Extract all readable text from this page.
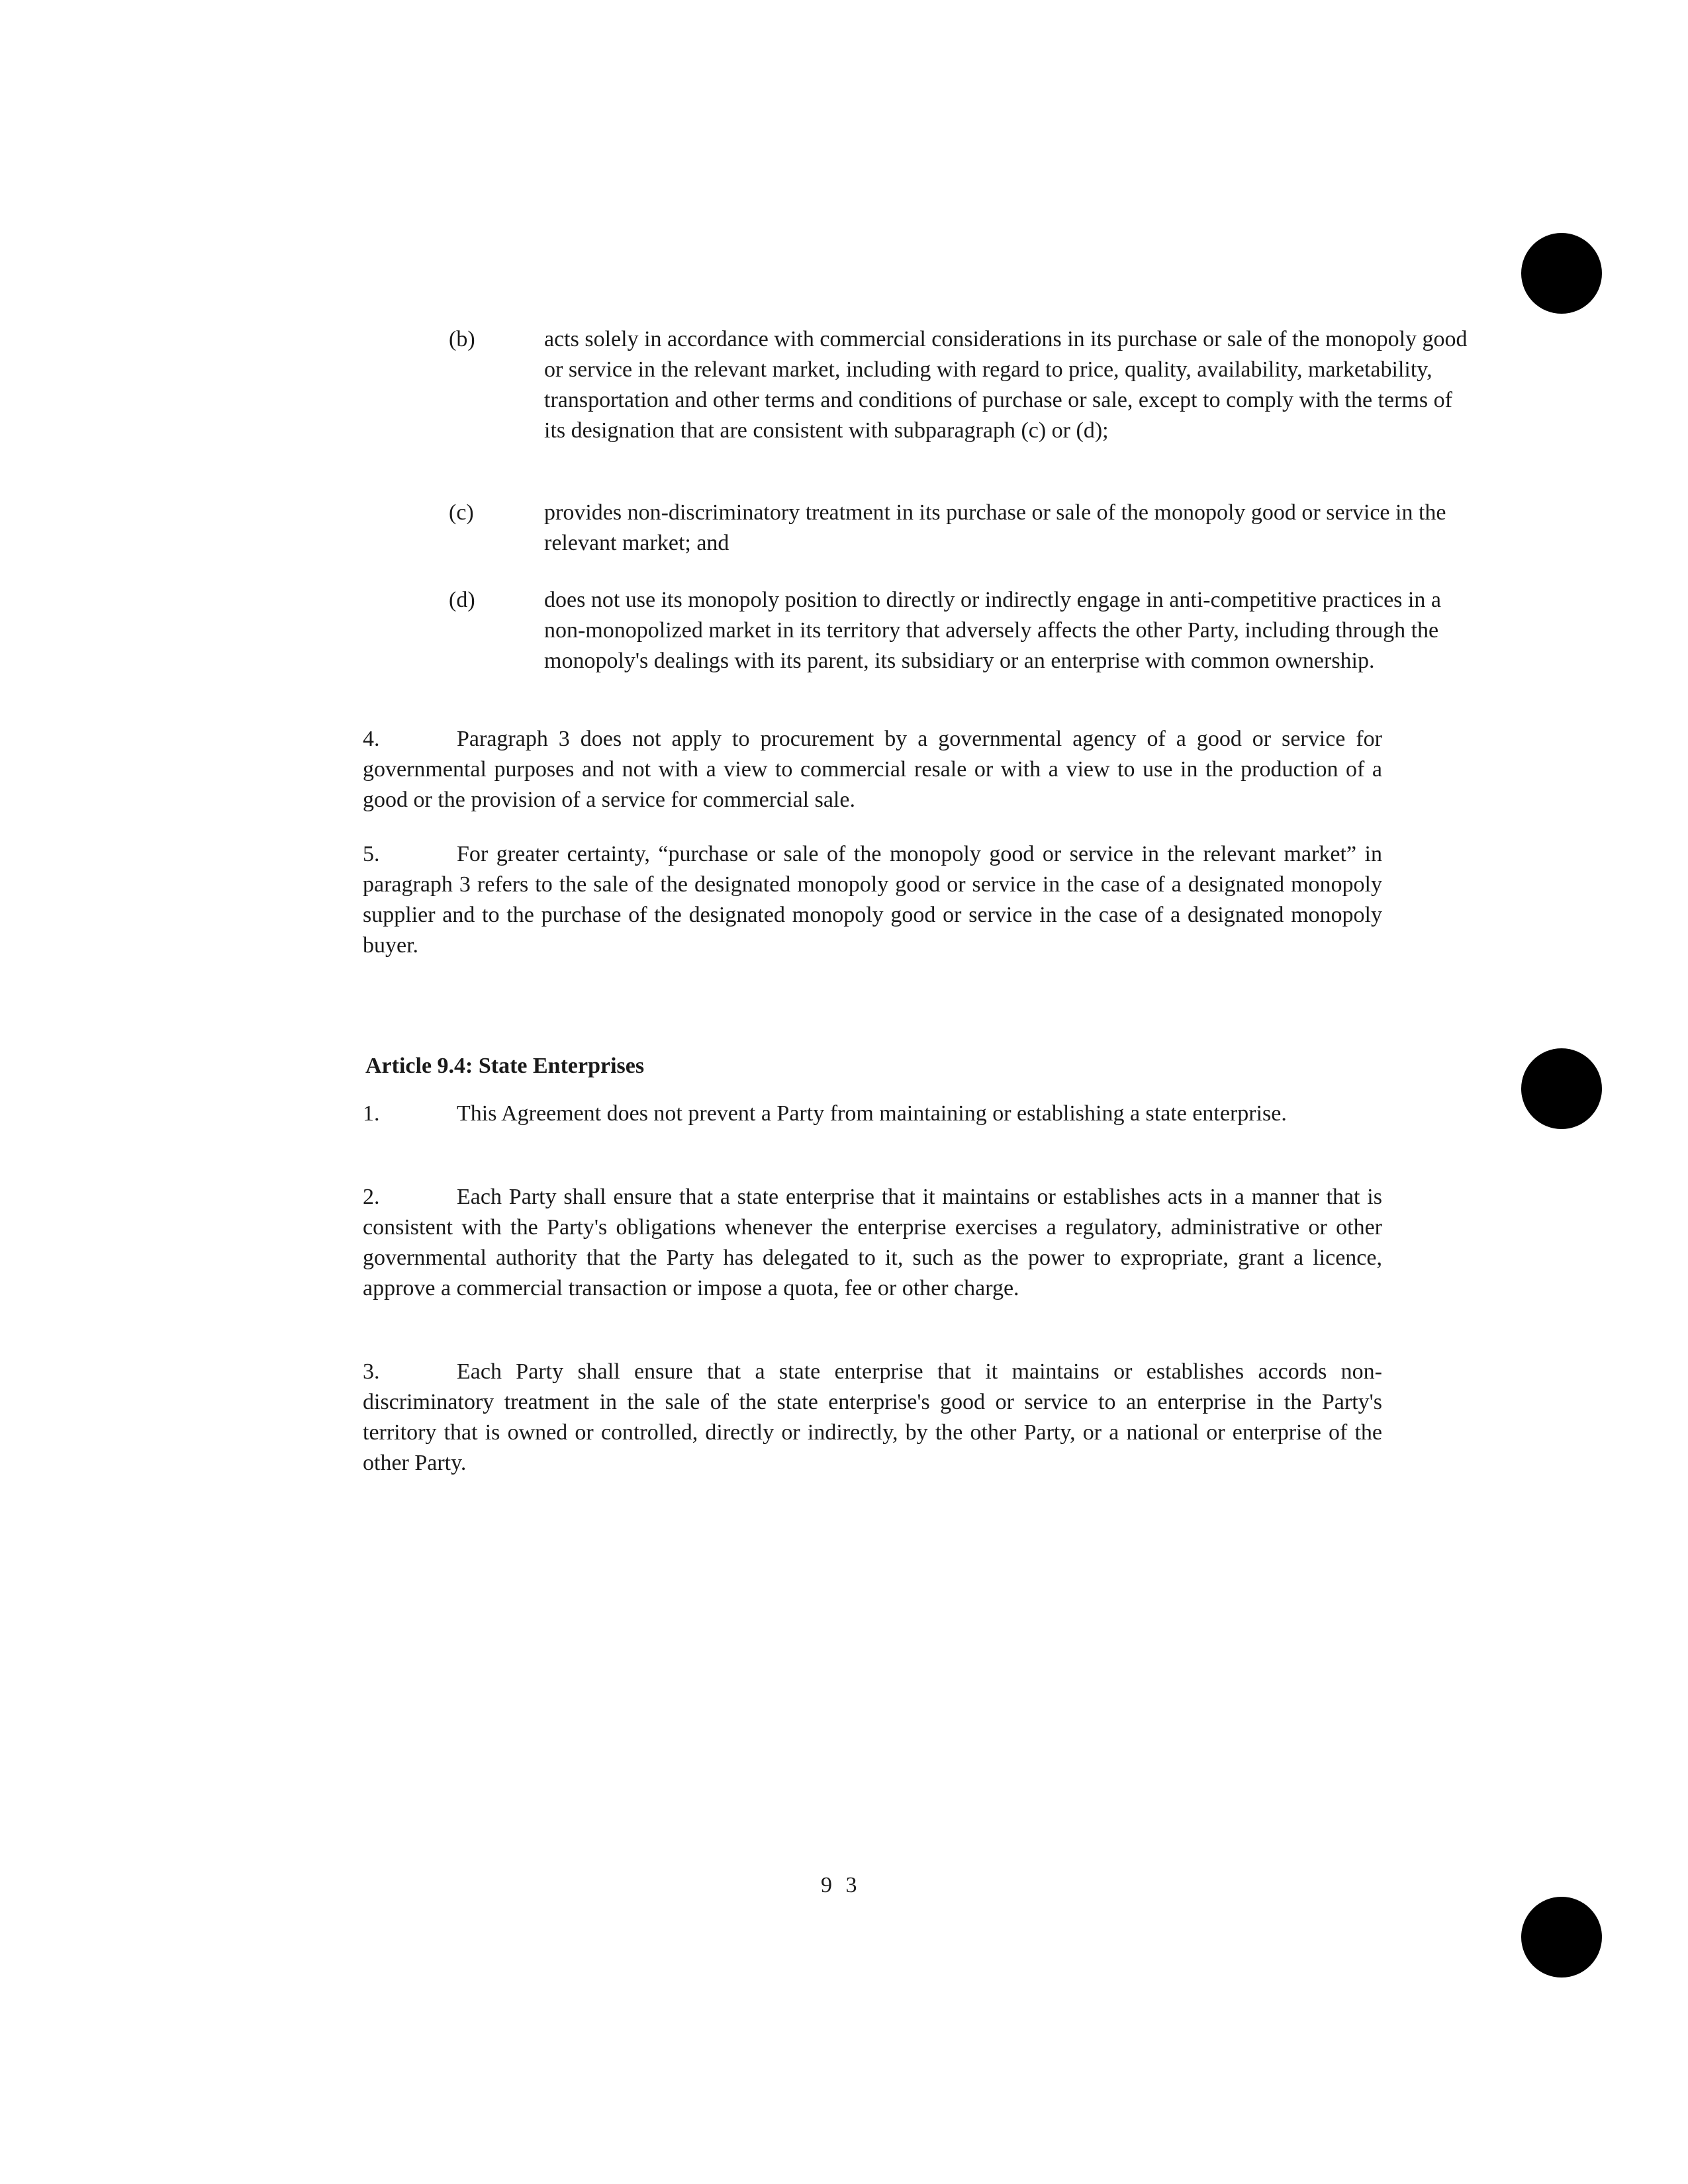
(b)	acts solely in accordance with commercial considerations in its purchase or sale of the monopoly good or service in the relevant market, including with regard to price, quality, availability, marketability, transportation and other terms and conditions of purchase or sale, except to comply with the terms of its designation that are consistent with subparagraph (c) or (d);
(c)	provides non-discriminatory treatment in its purchase or sale of the monopoly good or service in the relevant market; and
(d)	does not use its monopoly position to directly or indirectly engage in anti-competitive practices in a non-monopolized market in its territory that adversely affects the other Party, including through the monopoly's dealings with its parent, its subsidiary or an enterprise with common ownership.
4.	Paragraph 3 does not apply to procurement by a governmental agency of a good or service for governmental purposes and not with a view to commercial resale or with a view to use in the production of a good or the provision of a service for commercial sale.
5.	For greater certainty, “purchase or sale of the monopoly good or service in the relevant market” in paragraph 3 refers to the sale of the designated monopoly good or service in the case of a designated monopoly supplier and to the purchase of the designated monopoly good or service in the case of a designated monopoly buyer.
Article 9.4: State Enterprises
1.	This Agreement does not prevent a Party from maintaining or establishing a state enterprise.
2.	Each Party shall ensure that a state enterprise that it maintains or establishes acts in a manner that is consistent with the Party's obligations whenever the enterprise exercises a regulatory, administrative or other governmental authority that the Party has delegated to it, such as the power to expropriate, grant a licence, approve a commercial transaction or impose a quota, fee or other charge.
3.	Each Party shall ensure that a state enterprise that it maintains or establishes accords non-discriminatory treatment in the sale of the state enterprise's good or service to an enterprise in the Party's territory that is owned or controlled, directly or indirectly, by the other Party, or a national or enterprise of the other Party.
9 3
